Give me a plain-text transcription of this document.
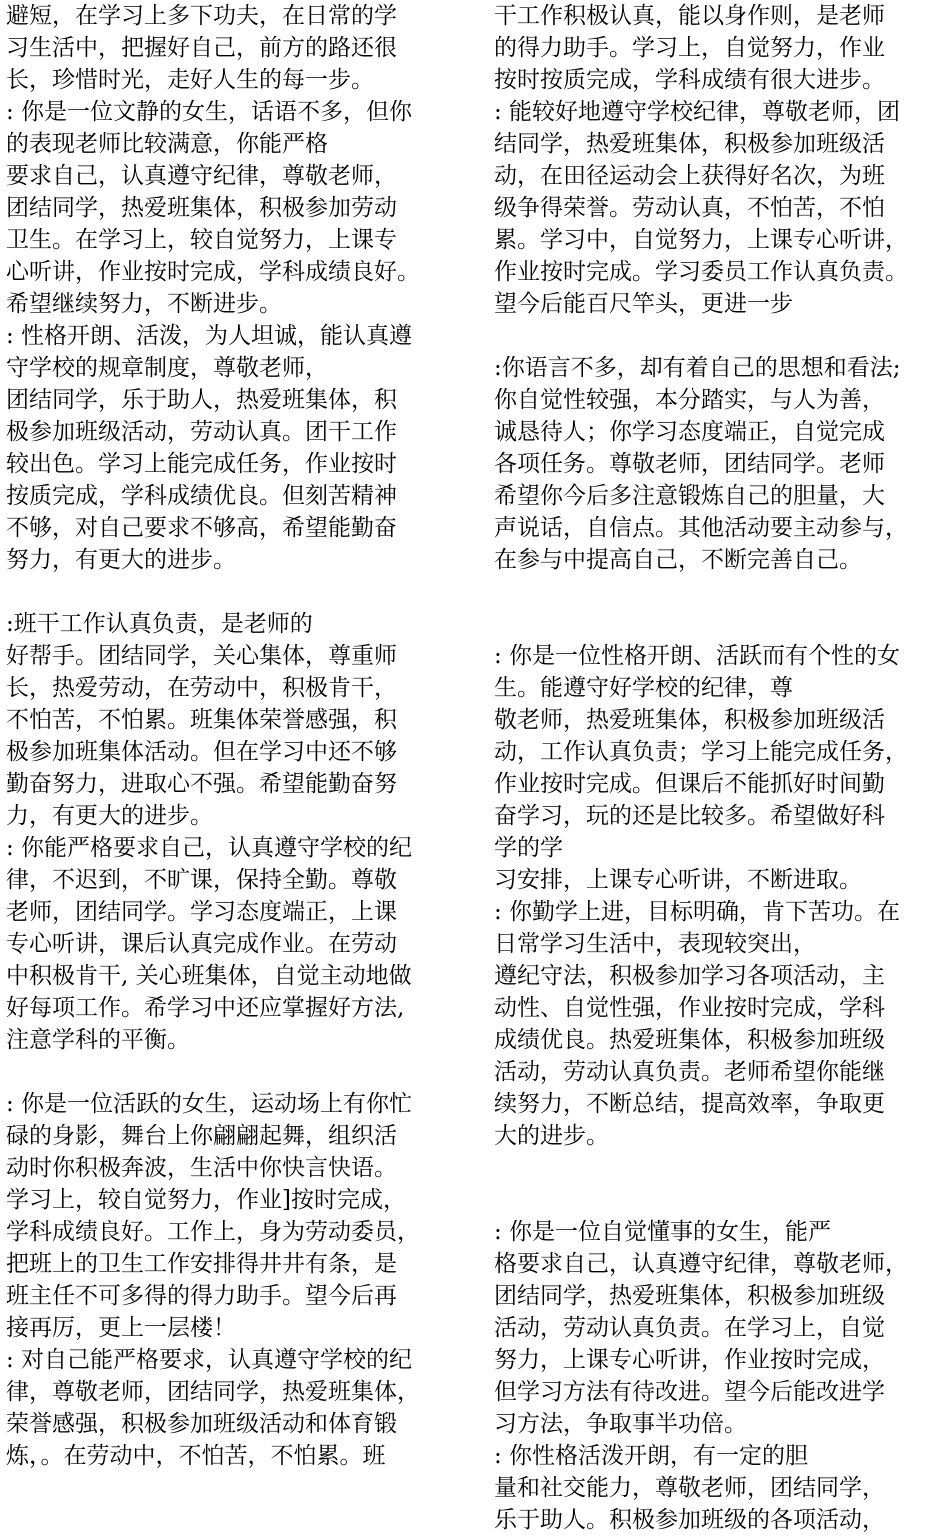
避短，在学习上多下功夫，在日常的学
习生活中，把握好自己，前方的路还很
长，珍惜时光，走好人生的每一步。
: 你是一位文静的女生，话语不多，但你
的表现老师比较满意，你能严格
要求自己，认真遵守纪律，尊敬老师，
团结同学，热爱班集体，积极参加劳动
卫生。在学习上，较自觉努力，上课专
心听讲，作业按时完成，学科成绩良好。
希望继续努力，不断进步。
: 性格开朗、活泼，为人坦诚，能认真遵
守学校的规章制度，尊敬老师，
团结同学，乐于助人，热爱班集体，积
极参加班级活动，劳动认真。团干工作
较出色。学习上能完成任务，作业按时
按质完成，学科成绩优良。但刻苦精神
不够，对自己要求不够高，希望能勤奋
努力，有更大的进步。
:班干工作认真负责，是老师的
好帮手。团结同学，关心集体，尊重师
长，热爱劳动，在劳动中，积极肯干，
不怕苦，不怕累。班集体荣誉感强，积
极参加班集体活动。但在学习中还不够
勤奋努力，进取心不强。希望能勤奋努
力，有更大的进步。
: 你能严格要求自己，认真遵守学校的纪
律，不迟到，不旷课，保持全勤。尊敬
老师，团结同学。学习态度端正，上课
专心听讲，课后认真完成作业。在劳动
中积极肯干, 关心班集体，自觉主动地做
好每项工作。希学习中还应掌握好方法,
注意学科的平衡。
: 你是一位活跃的女生，运动场上有你忙
碌的身影，舞台上你翩翩起舞，组织活
动时你积极奔波，生活中你快言快语。
学习上，较自觉努力，作业]按时完成，
学科成绩良好。工作上，身为劳动委员，
把班上的卫生工作安排得井井有条，是
班主任不可多得的得力助手。望今后再
接再厉，更上一层楼！
: 对自己能严格要求，认真遵守学校的纪
律，尊敬老师，团结同学，热爱班集体，
荣誉感强，积极参加班级活动和体育锻
炼，。在劳动中，不怕苦，不怕累。班
干工作积极认真，能以身作则，是老师
的得力助手。学习上，自觉努力，作业
按时按质完成，学科成绩有很大进步。
: 能较好地遵守学校纪律，尊敬老师，团
结同学，热爱班集体，积极参加班级活
动，在田径运动会上获得好名次，为班
级争得荣誉。劳动认真，不怕苦，不怕
累。学习中，自觉努力，上课专心听讲，
作业按时完成。学习委员工作认真负责。
望今后能百尺竿头，更进一步
:你语言不多，却有着自己的思想和看法;
你自觉性较强，本分踏实，与人为善，
诚恳待人；你学习态度端正，自觉完成
各项任务。尊敬老师，团结同学。老师
希望你今后多注意锻炼自己的胆量，大
声说话，自信点。其他活动要主动参与，
在参与中提高自己，不断完善自己。
: 你是一位性格开朗、活跃而有个性的女
生。能遵守好学校的纪律，尊
敬老师，热爱班集体，积极参加班级活
动，工作认真负责；学习上能完成任务，
作业按时完成。但课后不能抓好时间勤
奋学习，玩的还是比较多。希望做好科
学的学
习安排，上课专心听讲，不断进取。
: 你勤学上进，目标明确，肯下苦功。在
日常学习生活中，表现较突出，
遵纪守法，积极参加学习各项活动，主
动性、自觉性强，作业按时完成，学科
成绩优良。热爱班集体，积极参加班级
活动，劳动认真负责。老师希望你能继
续努力，不断总结，提高效率，争取更
大的进步。
: 你是一位自觉懂事的女生，能严
格要求自己，认真遵守纪律，尊敬老师，
团结同学，热爱班集体，积极参加班级
活动，劳动认真负责。在学习上，自觉
努力，上课专心听讲，作业按时完成，
但学习方法有待改进。望今后能改进学
习方法，争取事半功倍。
: 你性格活泼开朗，有一定的胆
量和社交能力，尊敬老师，团结同学，
乐于助人。积极参加班级的各项活动，
